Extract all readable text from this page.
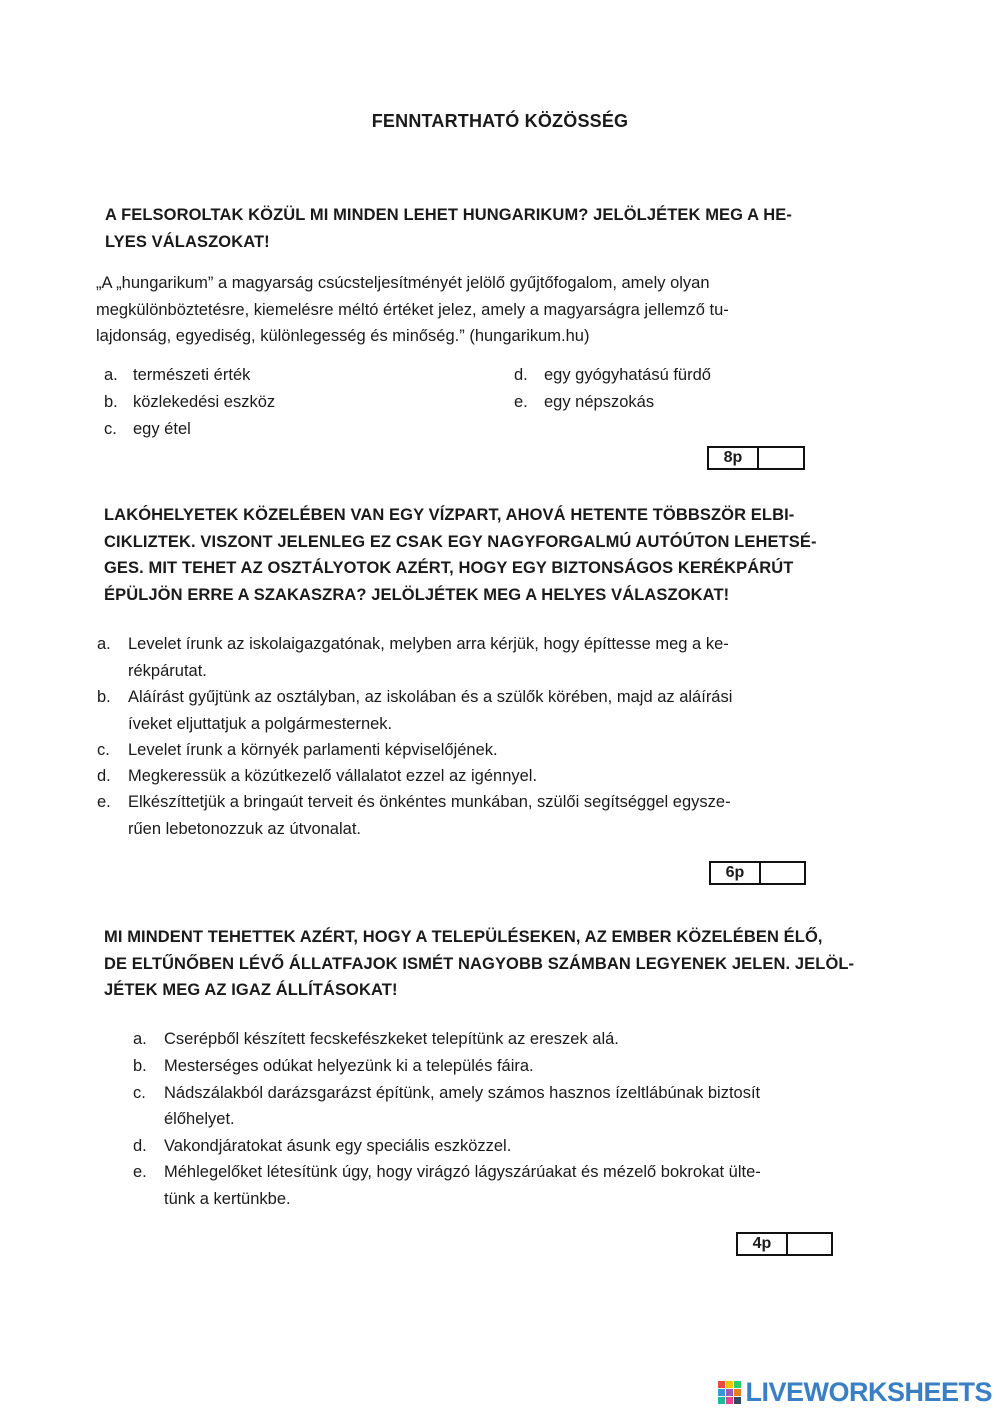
FENNTARTHATÓ KÖZÖSSÉG
A FELSOROLTAK KÖZÜL MI MINDEN LEHET HUNGARIKUM? JELÖLJÉTEK MEG A HE-
LYES VÁLASZOKAT!
„A „hungarikum” a magyarság csúcsteljesítményét jelölő gyűjtőfogalom, amely olyan
megkülönböztetésre, kiemelésre méltó értéket jelez, amely a magyarságra jellemző tu-
lajdonság, egyediség, különlegesség és minőség.” (hungarikum.hu)
a. természeti érték
b. közlekedési eszköz
c. egy étel
d. egy gyógyhatású fürdő
e. egy népszokás
8p
LAKÓHELYETEK KÖZELÉBEN VAN EGY VÍZPART, AHOVÁ HETENTE TÖBBSZÖR ELBI-
CIKLIZTEK. VISZONT JELENLEG EZ CSAK EGY NAGYFORGALMÚ AUTÓÚTON LEHETSÉ-
GES. MIT TEHET AZ OSZTÁLYOTOK AZÉRT, HOGY EGY BIZTONSÁGOS KERÉKPÁRÚT
ÉPÜLJÖN ERRE A SZAKASZRA? JELÖLJÉTEK MEG A HELYES VÁLASZOKAT!
a. Levelet írunk az iskolaigazgatónak, melyben arra kérjük, hogy építtesse meg a ke-
rékpárutat.
b. Aláírást gyűjtünk az osztályban, az iskolában és a szülők körében, majd az aláírási
íveket eljuttatjuk a polgármesternek.
c. Levelet írunk a környék parlamenti képviselőjének.
d. Megkeressük a közútkezelő vállalatot ezzel az igénnyel.
e. Elkészíttetjük a bringaút terveit és önkéntes munkában, szülői segítséggel egysze-
rűen lebetonozzuk az útvonalat.
6p
MI MINDENT TEHETTEK AZÉRT, HOGY A TELEPÜLÉSEKEN, AZ EMBER KÖZELÉBEN ÉLŐ,
DE ELTŰNŐBEN LÉVŐ ÁLLATFAJOK ISMÉT NAGYOBB SZÁMBAN LEGYENEK JELEN. JELÖL-
JÉTEK MEG AZ IGAZ ÁLLÍTÁSOKAT!
a. Cserépből készített fecskefészkeket telepítünk az ereszek alá.
b. Mesterséges odúkat helyezünk ki a település fáira.
c. Nádszálakból darázsgarázst építünk, amely számos hasznos ízeltlábúnak biztosít
élőhelyet.
d. Vakondjáratokat ásunk egy speciális eszközzel.
e. Méhlegelőket létesítünk úgy, hogy virágzó lágyszárúakat és mézelő bokrokat ülte-
tünk a kertünkbe.
4p
LIVEWORKSHEETS
